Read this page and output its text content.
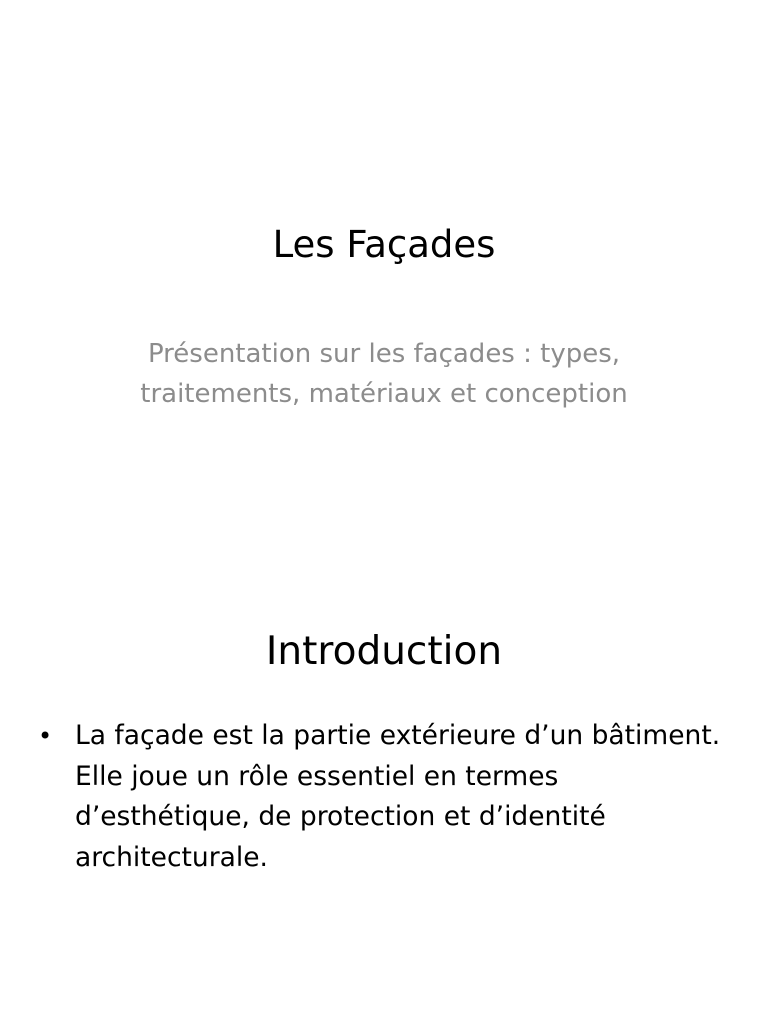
Les Façades

Présentation sur les façades : types, traitements, matériaux et conception

Introduction
• La façade est la partie extérieure d’un bâtiment. Elle joue un rôle essentiel en termes d’esthétique, de protection et d’identité architecturale.
